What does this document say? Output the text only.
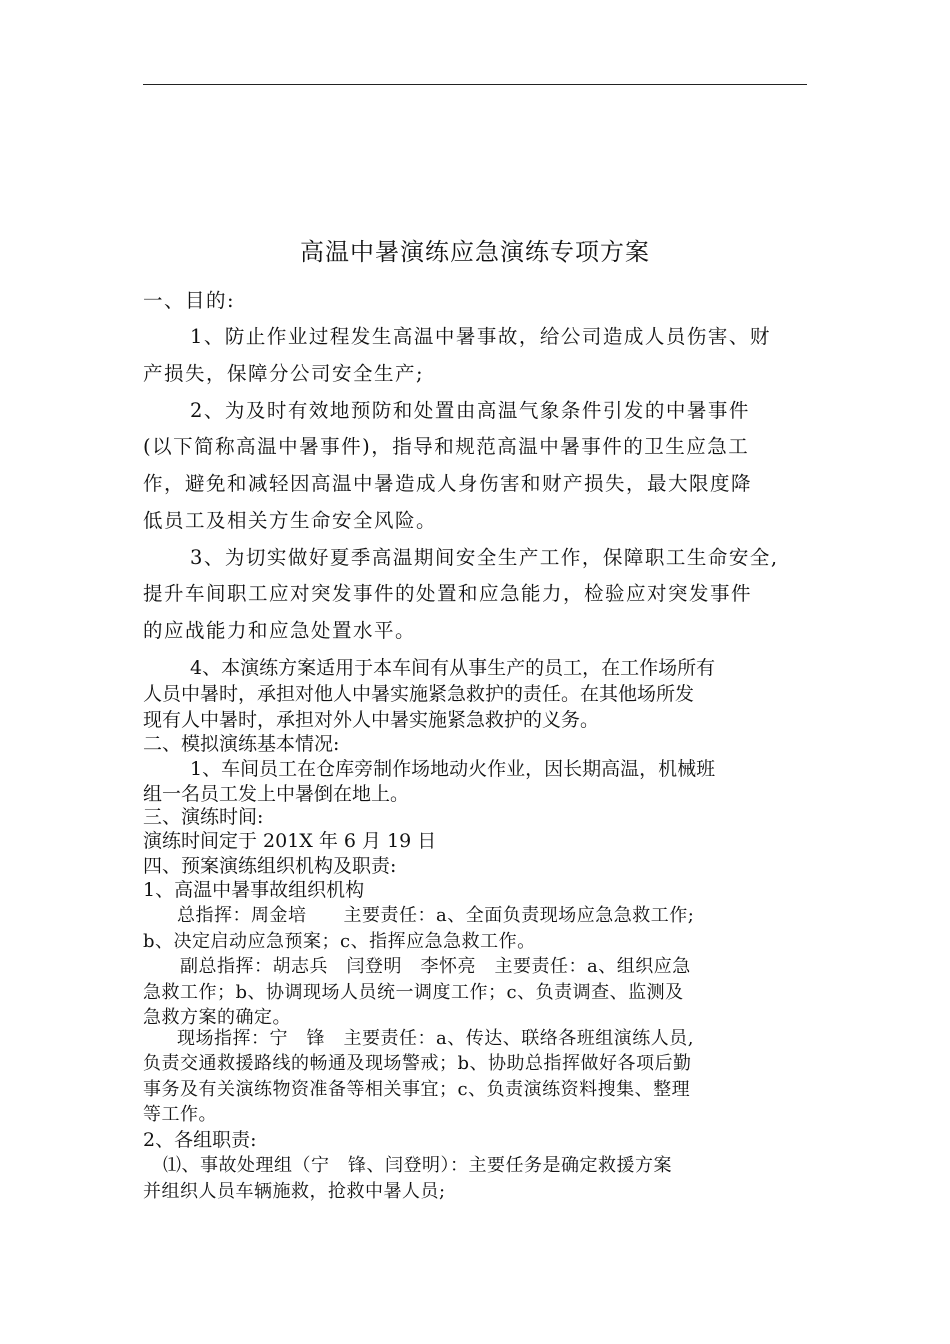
高温中暑演练应急演练专项方案
一、目的:
1、防止作业过程发生高温中暑事故，给公司造成人员伤害、财
产损失，保障分公司安全生产;
2、为及时有效地预防和处置由高温气象条件引发的中暑事件
(以下简称高温中暑事件)，指导和规范高温中暑事件的卫生应急工
作，避免和减轻因高温中暑造成人身伤害和财产损失，最大限度降
低员工及相关方生命安全风险。
3、为切实做好夏季高温期间安全生产工作，保障职工生命安全,
提升车间职工应对突发事件的处置和应急能力，检验应对突发事件
的应战能力和应急处置水平。
4、本演练方案适用于本车间有从事生产的员工，在工作场所有
人员中暑时，承担对他人中暑实施紧急救护的责任。在其他场所发
现有人中暑时，承担对外人中暑实施紧急救护的义务。
二、模拟演练基本情况:
1、车间员工在仓库旁制作场地动火作业，因长期高温，机械班
组一名员工发上中暑倒在地上。
三、演练时间:
演练时间定于 201X 年 6 月 19 日
四、预案演练组织机构及职责:
1、高温中暑事故组织机构
总指挥：周金培　　主要责任：a、全面负责现场应急急救工作;
b、决定启动应急预案；c、指挥应急急救工作。
副总指挥：胡志兵　闫登明　李怀亮　主要责任：a、组织应急
急救工作；b、协调现场人员统一调度工作；c、负责调查、监测及
急救方案的确定。
现场指挥：宁　锋　主要责任：a、传达、联络各班组演练人员,
负责交通救援路线的畅通及现场警戒；b、协助总指挥做好各项后勤
事务及有关演练物资准备等相关事宜；c、负责演练资料搜集、整理
等工作。
2、各组职责:
⑴、事故处理组（宁　锋、闫登明）：主要任务是确定救援方案
并组织人员车辆施救，抢救中暑人员;
